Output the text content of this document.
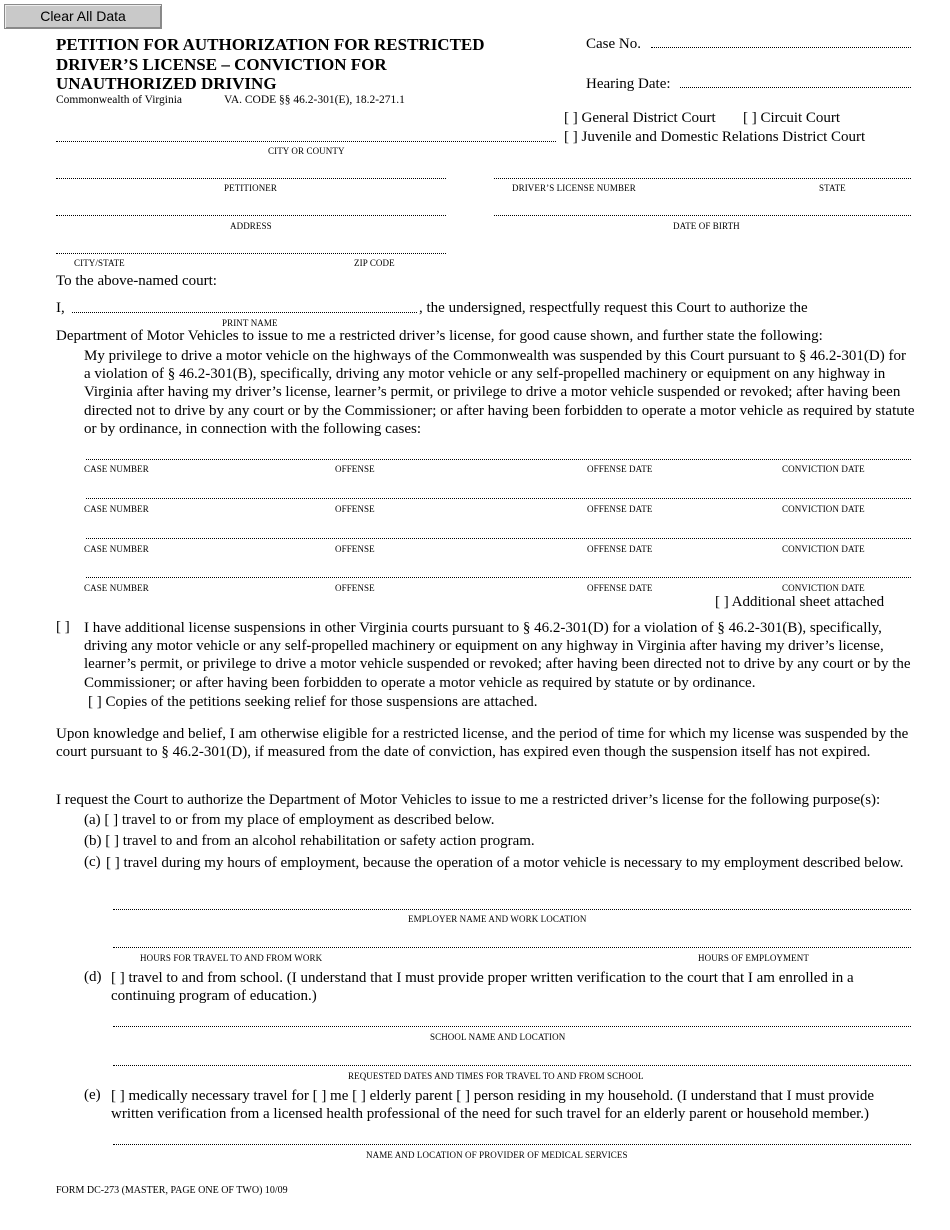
Clear All Data
PETITION FOR AUTHORIZATION FOR RESTRICTED
DRIVER’S LICENSE – CONVICTION FOR
UNAUTHORIZED DRIVING
Commonwealth of Virginia	VA. CODE §§ 46.2-301(E), 18.2-271.1
Case No.
Hearing Date:
[ ] General District Court [ ] Circuit Court
[ ] Juvenile and Domestic Relations District Court
CITY OR COUNTY
PETITIONER	DRIVER’S LICENSE NUMBER	STATE
ADDRESS	DATE OF BIRTH
CITY/STATE	ZIP CODE
To the above-named court:
I,	, the undersigned, respectfully request this Court to authorize the
PRINT NAME
Department of Motor Vehicles to issue to me a restricted driver’s license, for good cause shown, and further state the following:
My privilege to drive a motor vehicle on the highways of the Commonwealth was suspended by this Court pursuant to § 46.2-301(D) for a violation of § 46.2-301(B), specifically, driving any motor vehicle or any self-propelled machinery or equipment on any highway in Virginia after having my driver’s license, learner’s permit, or privilege to drive a motor vehicle suspended or revoked; after having been directed not to drive by any court or by the Commissioner; or after having been forbidden to operate a motor vehicle as required by statute or by ordinance, in connection with the following cases:
CASE NUMBER	OFFENSE	OFFENSE DATE	CONVICTION DATE
CASE NUMBER	OFFENSE	OFFENSE DATE	CONVICTION DATE
CASE NUMBER	OFFENSE	OFFENSE DATE	CONVICTION DATE
CASE NUMBER	OFFENSE	OFFENSE DATE	CONVICTION DATE
[ ] Additional sheet attached
[ ] I have additional license suspensions in other Virginia courts pursuant to § 46.2-301(D) for a violation of § 46.2-301(B), specifically, driving any motor vehicle or any self-propelled machinery or equipment on any highway in Virginia after having my driver’s license, learner’s permit, or privilege to drive a motor vehicle suspended or revoked; after having been directed not to drive by any court or by the Commissioner; or after having been forbidden to operate a motor vehicle as required by statute or by ordinance.
[ ] Copies of the petitions seeking relief for those suspensions are attached.
Upon knowledge and belief, I am otherwise eligible for a restricted license, and the period of time for which my license was suspended by the court pursuant to § 46.2-301(D), if measured from the date of conviction, has expired even though the suspension itself has not expired.
I request the Court to authorize the Department of Motor Vehicles to issue to me a restricted driver’s license for the following purpose(s):
(a) [ ] travel to or from my place of employment as described below.
(b) [ ] travel to and from an alcohol rehabilitation or safety action program.
(c) [ ] travel during my hours of employment, because the operation of a motor vehicle is necessary to my employment described below.
EMPLOYER NAME AND WORK LOCATION
HOURS FOR TRAVEL TO AND FROM WORK	HOURS OF EMPLOYMENT
(d) [ ] travel to and from school. (I understand that I must provide proper written verification to the court that I am enrolled in a continuing program of education.)
SCHOOL NAME AND LOCATION
REQUESTED DATES AND TIMES FOR TRAVEL TO AND FROM SCHOOL
(e) [ ] medically necessary travel for [ ] me [ ] elderly parent [ ] person residing in my household. (I understand that I must provide written verification from a licensed health professional of the need for such travel for an elderly parent or household member.)
NAME AND LOCATION OF PROVIDER OF MEDICAL SERVICES
FORM DC-273 (MASTER, PAGE ONE OF TWO) 10/09
